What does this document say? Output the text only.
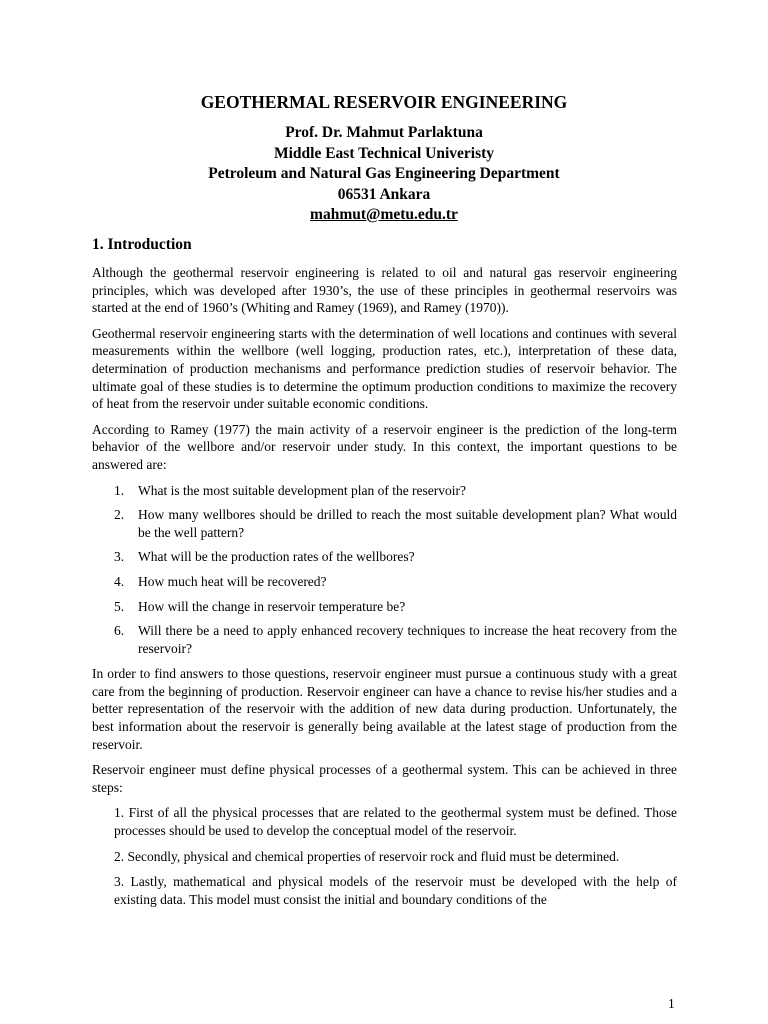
GEOTHERMAL RESERVOIR ENGINEERING
Prof. Dr. Mahmut Parlaktuna
Middle East Technical Univeristy
Petroleum and Natural Gas Engineering Department
06531 Ankara
mahmut@metu.edu.tr
1. Introduction

Although the geothermal reservoir engineering is related to oil and natural gas reservoir engineering principles, which was developed after 1930’s, the use of these principles in geothermal reservoirs was started at the end of 1960’s (Whiting and Ramey (1969), and Ramey (1970)).

Geothermal reservoir engineering starts with the determination of well locations and continues with several measurements within the wellbore (well logging, production rates, etc.), interpretation of these data, determination of production mechanisms and performance prediction studies of reservoir behavior. The ultimate goal of these studies is to determine the optimum production conditions to maximize the recovery of heat from the reservoir under suitable economic conditions.

According to Ramey (1977) the main activity of a reservoir engineer is the prediction of the long-term behavior of the wellbore and/or reservoir under study. In this context, the important questions to be answered are:

1. What is the most suitable development plan of the reservoir?
2. How many wellbores should be drilled to reach the most suitable development plan? What would be the well pattern?
3. What will be the production rates of the wellbores?
4. How much heat will be recovered?
5. How will the change in reservoir temperature be?
6. Will there be a need to apply enhanced recovery techniques to increase the heat recovery from the reservoir?

In order to find answers to those questions, reservoir engineer must pursue a continuous study with a great care from the beginning of production. Reservoir engineer can have a chance to revise his/her studies and a better representation of the reservoir with the addition of new data during production. Unfortunately, the best information about the reservoir is generally being available at the latest stage of production from the reservoir.

Reservoir engineer must define physical processes of a geothermal system. This can be achieved in three steps:

1. First of all the physical processes that are related to the geothermal system must be defined. Those processes should be used to develop the conceptual model of the reservoir.
2. Secondly, physical and chemical properties of reservoir rock and fluid must be determined.
3. Lastly, mathematical and physical models of the reservoir must be developed with the help of existing data. This model must consist the initial and boundary conditions of the
1
